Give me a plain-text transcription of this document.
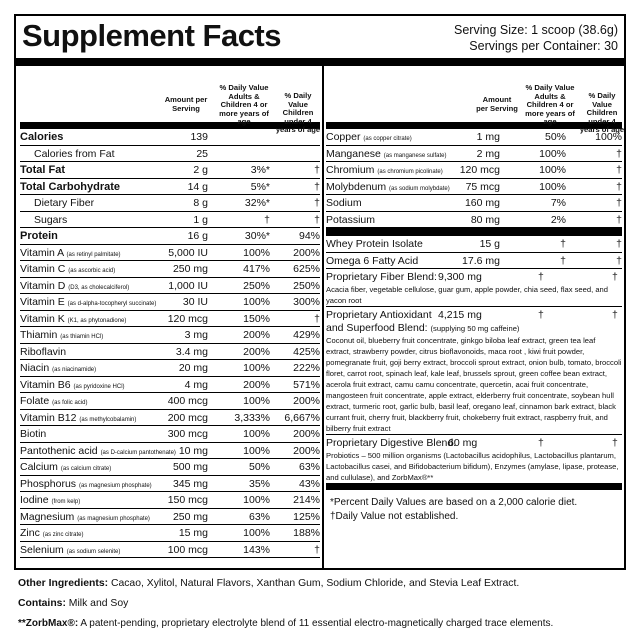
Supplement Facts	Serving Size: 1 scoop (38.6g)
Servings per Container: 30
Amount per Serving
% Daily Value Adults & Children 4 or more years of age
% Daily Value Children under 4 years of age
Calories	139
Calories from Fat	25
Total Fat	2 g	3%*	†
Total Carbohydrate	14 g	5%*	†
Dietary Fiber	8 g	32%*	†
Sugars	1 g	†	†
Protein	16 g	30%*	94%
Vitamin A (as retinyl palmitate)	5,000 IU	100%	200%
Vitamin C (as ascorbic acid)	250 mg	417%	625%
Vitamin D (D3, as cholecalciferol)	1,000 IU	250%	250%
Vitamin E (as d-alpha-tocopheryl succinate)	30 IU	100%	300%
Vitamin K (K1, as phytonadione)	120 mcg	150%	†
Thiamin (as thiamin HCl)	3 mg	200%	429%
Riboflavin	3.4 mg	200%	425%
Niacin (as niacinamide)	20 mg	100%	222%
Vitamin B6 (as pyridoxine HCl)	4 mg	200%	571%
Folate (as folic acid)	400 mcg	100%	200%
Vitamin B12 (as methylcobalamin)	200 mcg	3,333%	6,667%
Biotin	300 mcg	100%	200%
Pantothenic acid (as D-calcium pantothenate) 10 mg	100%	200%
Calcium (as calcium citrate)	500 mg	50%	63%
Phosphorus (as magnesium phosphate)	345 mg	35%	43%
Iodine (from kelp)	150 mcg	100%	214%
Magnesium (as magnesium phosphate)	250 mg	63%	125%
Zinc (as zinc citrate)	15 mg	100%	188%
Selenium (as sodium selenite)	100 mcg	143%	†
Amount per Serving
% Daily Value Adults & Children 4 or more years of age
% Daily Value Children under 4 years of age
Copper (as copper citrate)	1 mg	50%	100%
Manganese (as manganese sulfate)	2 mg	100%	†
Chromium (as chromium picolinate)	120 mcg	100%	†
Molybdenum (as sodium molybdate)	75 mcg	100%	†
Sodium	160 mg	7%	†
Potassium	80 mg	2%	†
Whey Protein Isolate	15 g	†	†
Omega 6 Fatty Acid	17.6 mg	†	†
Proprietary Fiber Blend: 9,300 mg	†	†
Acacia fiber, vegetable cellulose, guar gum, apple powder, chia seed, flax seed, and yacon root
Proprietary Antioxidant 4,215 mg	†	†
and Superfood Blend: (supplying 50 mg caffeine)
Coconut oil, blueberry fruit concentrate, ginkgo biloba leaf extract, green tea leaf extract, strawberry powder, citrus bioflavonoids, maca root , kiwi fruit powder, pomegranate fruit, goji berry extract, broccoli sprout extract, onion bulb, tomato, broccoli floret, carrot root, spinach leaf, kale leaf, brussels sprout, green coffee bean extract, acerola fruit extract, camu camu concentrate, quercetin, acai fruit concentrate, mangosteen fruit concentrate, apple extract, elderberry fruit concentrate, soybean hull extract, turmeric root, garlic bulb, basil leaf, oregano leaf, cinnamon bark extract, black currant fruit, cherry fruit, blackberry fruit, chokeberry fruit extract, raspberry fruit, and bilberry fruit extract
Proprietary Digestive Blend:
60 mg	†	†
Probiotics – 500 million organisms (Lactobacillus acidophilus, Lactobacillus plantarum, Lactobacillus casei, and Bifidobacterium bifidum), Enzymes (amylase, lipase, protease, and cullulase), and ZorbMax®**
*Percent Daily Values are based on a 2,000 calorie diet.
†Daily Value not established.
Other Ingredients: Cacao, Xylitol, Natural Flavors, Xanthan Gum, Sodium Chloride, and Stevia Leaf Extract.
Contains: Milk and Soy
**ZorbMax®: A patent-pending, proprietary electrolyte blend of 11 essential electro-magnetically charged trace elements.
